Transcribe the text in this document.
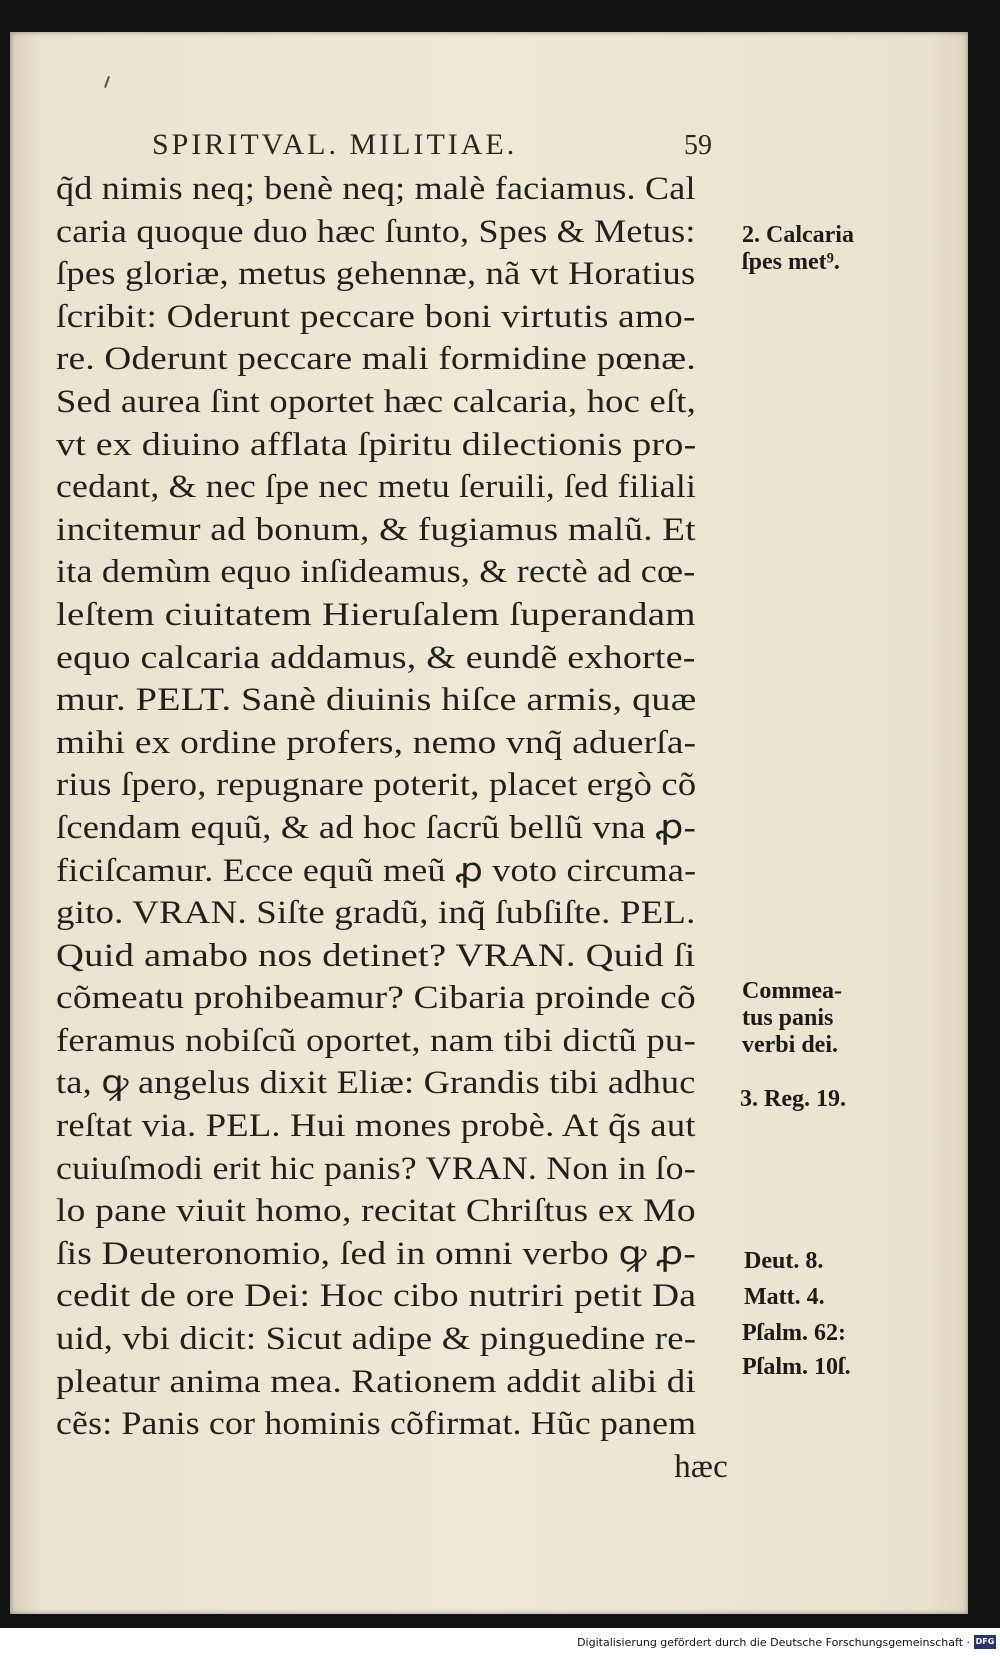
SPIRITVAL. MILITIAE.	59
q̃d nimis neq; benè neq; malè faciamus. Cal
caria quoque duo hæc ſunto, Spes & Metus:
ſpes gloriæ, metus gehennæ, nã vt Horatius
ſcribit: Oderunt peccare boni virtutis amo-
re. Oderunt peccare mali formidine pœnæ.
Sed aurea ſint oportet hæc calcaria, hoc eſt,
vt ex diuino afflata ſpiritu dilectionis pro-
cedant, & nec ſpe nec metu ſeruili, ſed filiali
incitemur ad bonum, & fugiamus malũ. Et
ita demùm equo inſideamus, & rectè ad cœ-
leſtem ciuitatem Hieruſalem ſuperandam
equo calcaria addamus, & eundẽ exhorte-
mur. PELT. Sanè diuinis hiſce armis, quæ
mihi ex ordine profers, nemo vnq̃ aduerſa-
rius ſpero, repugnare poterit, placet ergò cõ
ſcendam equũ, & ad hoc ſacrũ bellũ vna ꝓ-
ficiſcamur. Ecce equũ meũ ꝓ voto circuma-
gito. VRAN. Siſte gradũ, inq̃ ſubſiſte. PEL.
Quid amabo nos detinet? VRAN. Quid ſi
cõmeatu prohibeamur? Cibaria proinde cõ
feramus nobiſcũ oportet, nam tibi dictũ pu-
ta, ꝙ angelus dixit Eliæ: Grandis tibi adhuc
reſtat via. PEL. Hui mones probè. At q̃s aut
cuiuſmodi erit hic panis? VRAN. Non in ſo-
lo pane viuit homo, recitat Chriſtus ex Mo
ſis Deuteronomio, ſed in omni verbo ꝙ ꝓ-
cedit de ore Dei: Hoc cibo nutriri petit Da
uid, vbi dicit: Sicut adipe & pinguedine re-
pleatur anima mea. Rationem addit alibi di
cẽs: Panis cor hominis cõfirmat. Hũc panem
hæc
2. Calcaria
ſpes met⁹.
Commea-
tus panis
verbi dei.
3. Reg. 19.
Deut. 8.
Matt. 4.
Pſalm. 62:
Pſalm. 10ſ.
Digitalisierung gefördert durch die Deutsche Forschungsgemeinschaft · DFG
